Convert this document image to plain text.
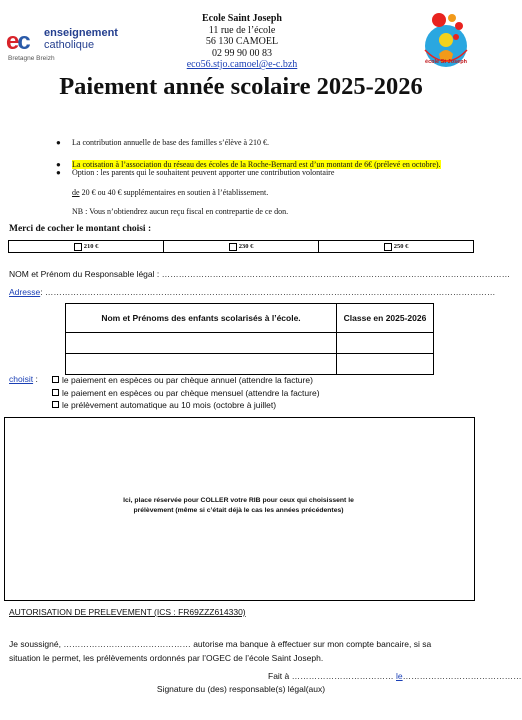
ec enseignement
catholique
Bretagne Breizh
Ecole Saint Joseph
11 rue de l’école
56 130 CAMOEL
02 99 90 00 83
eco56.stjo.camoel@e-c.bzh	école St Joseph
Paiement année scolaire 2025-2026
● La contribution annuelle de base des familles s’élève à 210 €.
● La cotisation à l’association du réseau des écoles de la Roche-Bernard est d’un montant de 6€ (prélevé en octobre).
● Option : les parents qui le souhaitent peuvent apporter une contribution volontaire
de 20 € ou 40 € supplémentaires en soutien à l’établissement.
NB : Vous n’obtiendrez aucun reçu fiscal en contrepartie de ce don.
Merci de cocher le montant choisi :
210 €	230 €	250 €
NOM et Prénom du Responsable légal : ……………………………………………………………………………………………………………
Adresse: ……………………………………………………………………………………………………………………………………………
Nom et Prénoms des enfants scolarisés à l’école.	Classe en 2025-2026

choisit :	le paiement en espèces ou par chèque annuel (attendre la facture)
le paiement en espèces ou par chèque mensuel (attendre la facture)
le prélèvement automatique au 10 mois (octobre à juillet)
Ici, place réservée pour COLLER votre RIB pour ceux qui choisissent le
prélèvement (même si c’était déjà le cas les années précédentes)
AUTORISATION DE PRELEVEMENT (ICS : FR69ZZZ614330)
Je soussigné, ……………………………………… autorise ma banque à effectuer sur mon compte bancaire, si sa
situation le permet, les prélèvements ordonnés par l’OGEC de l’école Saint Joseph.
Fait à ……………………………… le……………………………………
Signature du (des) responsable(s) légal(aux)
